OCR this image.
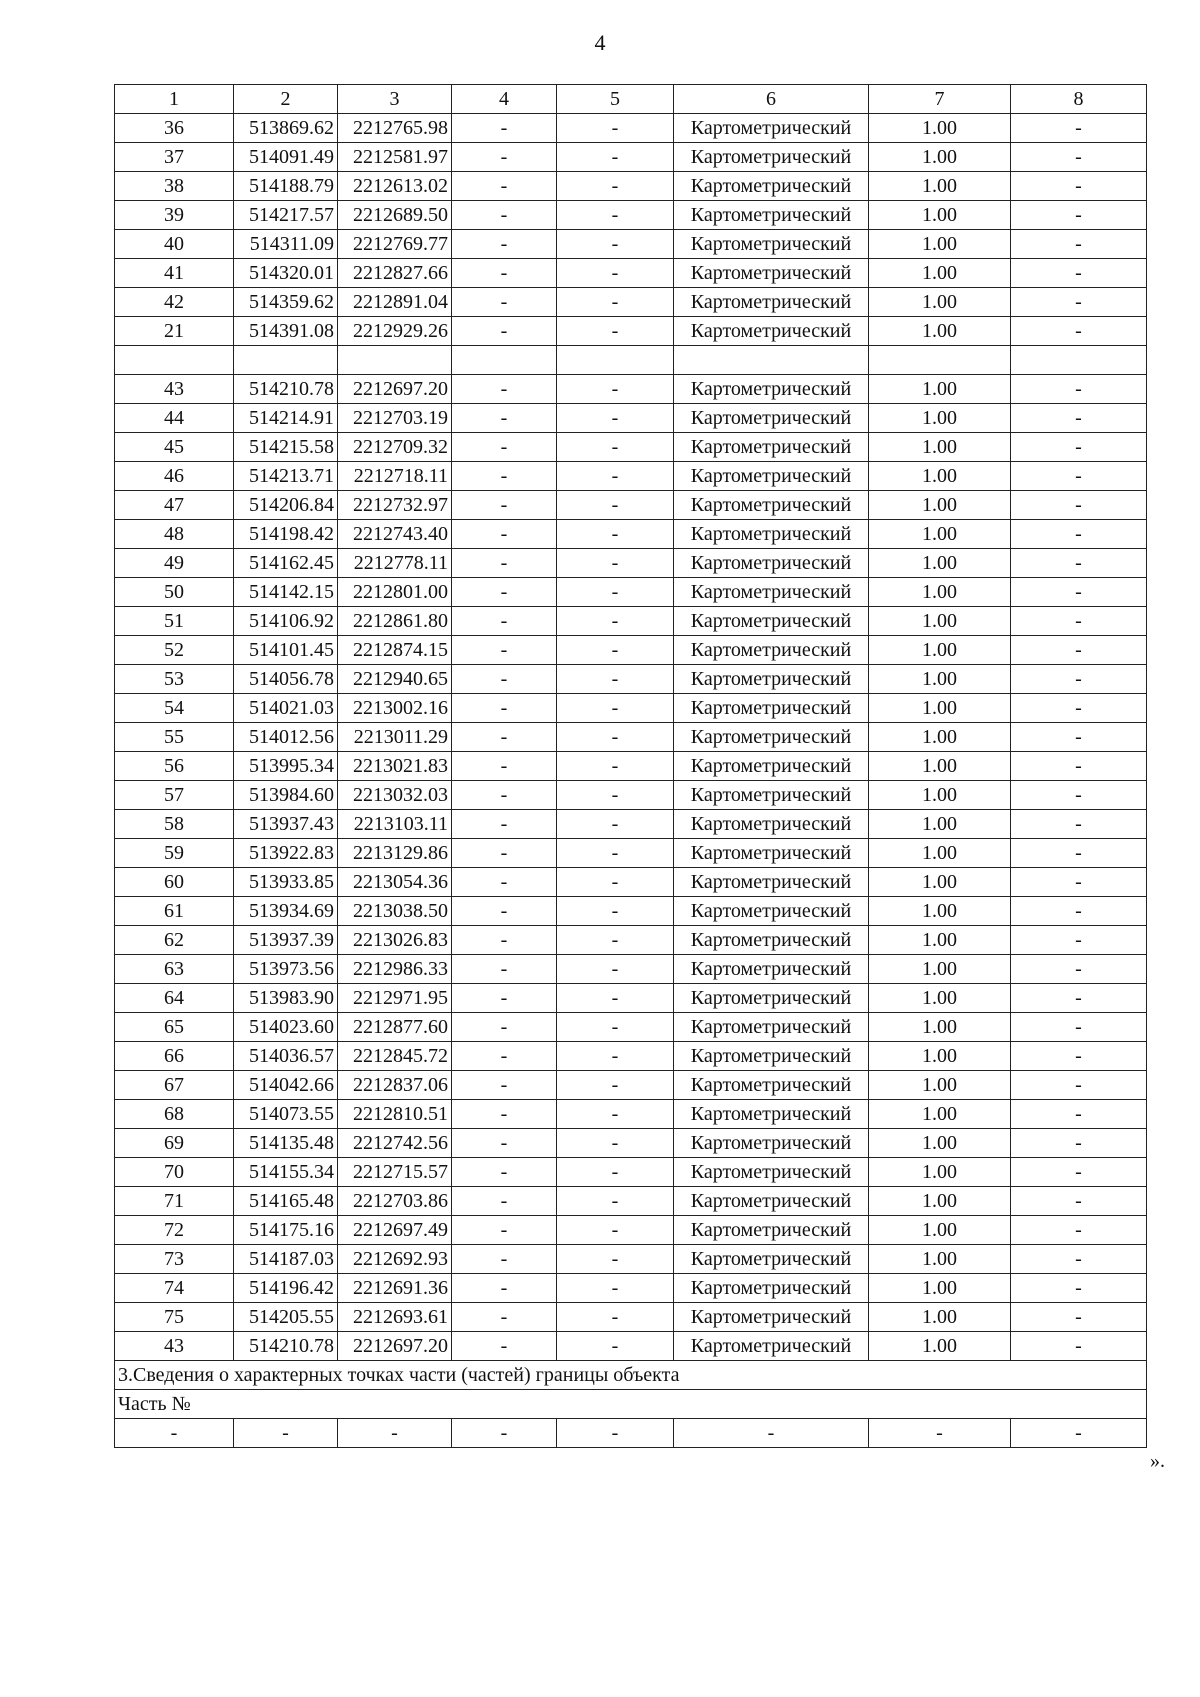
4
1	2	3	4	5	6	7	8
36	513869.62	2212765.98	-	-	Картометрический	1.00	-
37	514091.49	2212581.97	-	-	Картометрический	1.00	-
38	514188.79	2212613.02	-	-	Картометрический	1.00	-
39	514217.57	2212689.50	-	-	Картометрический	1.00	-
40	514311.09	2212769.77	-	-	Картометрический	1.00	-
41	514320.01	2212827.66	-	-	Картометрический	1.00	-
42	514359.62	2212891.04	-	-	Картометрический	1.00	-
21	514391.08	2212929.26	-	-	Картометрический	1.00	-

43	514210.78	2212697.20	-	-	Картометрический	1.00	-
44	514214.91	2212703.19	-	-	Картометрический	1.00	-
45	514215.58	2212709.32	-	-	Картометрический	1.00	-
46	514213.71	2212718.11	-	-	Картометрический	1.00	-
47	514206.84	2212732.97	-	-	Картометрический	1.00	-
48	514198.42	2212743.40	-	-	Картометрический	1.00	-
49	514162.45	2212778.11	-	-	Картометрический	1.00	-
50	514142.15	2212801.00	-	-	Картометрический	1.00	-
51	514106.92	2212861.80	-	-	Картометрический	1.00	-
52	514101.45	2212874.15	-	-	Картометрический	1.00	-
53	514056.78	2212940.65	-	-	Картометрический	1.00	-
54	514021.03	2213002.16	-	-	Картометрический	1.00	-
55	514012.56	2213011.29	-	-	Картометрический	1.00	-
56	513995.34	2213021.83	-	-	Картометрический	1.00	-
57	513984.60	2213032.03	-	-	Картометрический	1.00	-
58	513937.43	2213103.11	-	-	Картометрический	1.00	-
59	513922.83	2213129.86	-	-	Картометрический	1.00	-
60	513933.85	2213054.36	-	-	Картометрический	1.00	-
61	513934.69	2213038.50	-	-	Картометрический	1.00	-
62	513937.39	2213026.83	-	-	Картометрический	1.00	-
63	513973.56	2212986.33	-	-	Картометрический	1.00	-
64	513983.90	2212971.95	-	-	Картометрический	1.00	-
65	514023.60	2212877.60	-	-	Картометрический	1.00	-
66	514036.57	2212845.72	-	-	Картометрический	1.00	-
67	514042.66	2212837.06	-	-	Картометрический	1.00	-
68	514073.55	2212810.51	-	-	Картометрический	1.00	-
69	514135.48	2212742.56	-	-	Картометрический	1.00	-
70	514155.34	2212715.57	-	-	Картометрический	1.00	-
71	514165.48	2212703.86	-	-	Картометрический	1.00	-
72	514175.16	2212697.49	-	-	Картометрический	1.00	-
73	514187.03	2212692.93	-	-	Картометрический	1.00	-
74	514196.42	2212691.36	-	-	Картометрический	1.00	-
75	514205.55	2212693.61	-	-	Картометрический	1.00	-
43	514210.78	2212697.20	-	-	Картометрический	1.00	-
3.Сведения о характерных точках части (частей) границы объекта							
Часть №							
-	-	-	-	-	-	-	-
».
